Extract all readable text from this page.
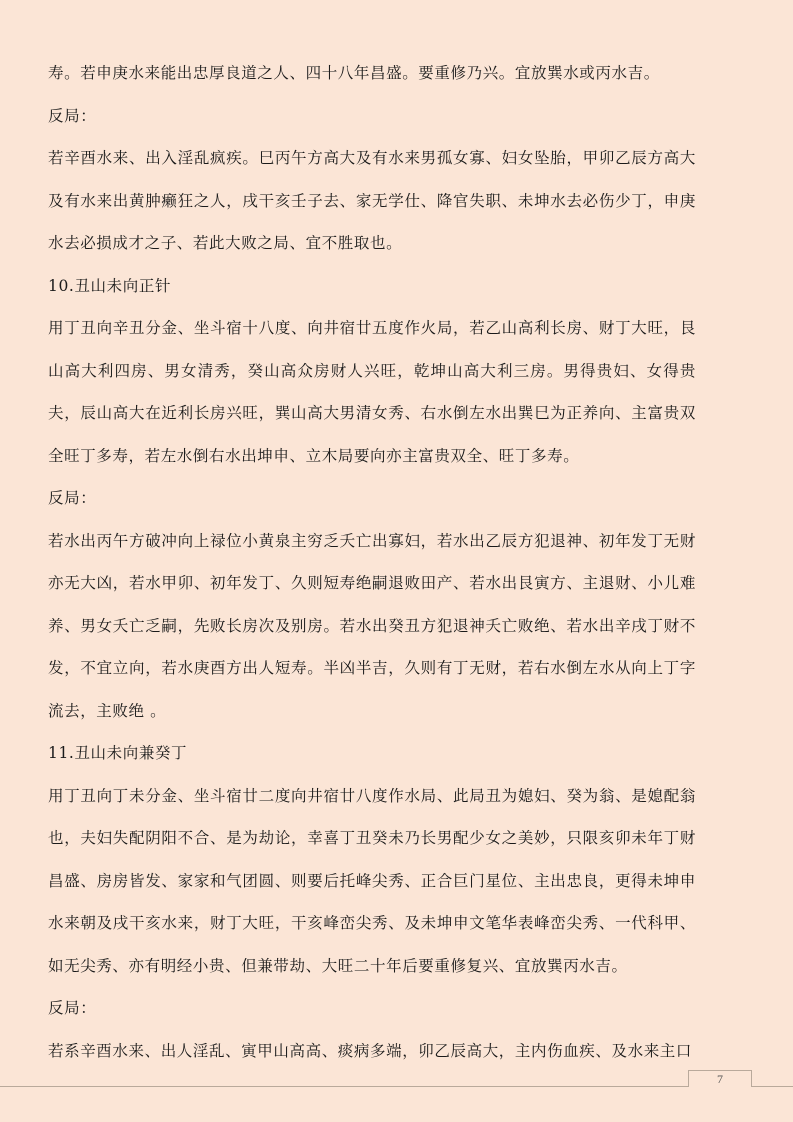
寿。若申庚水来能出忠厚良道之人、四十八年昌盛。要重修乃兴。宜放巽水或丙水吉。

反局：

若辛酉水来、出入淫乱疯疾。巳丙午方高大及有水来男孤女寡、妇女坠胎，甲卯乙辰方高大及有水来出黄肿癞狂之人，戌干亥壬子去、家无学仕、降官失职、未坤水去必伤少丁，申庚水去必损成才之子、若此大败之局、宜不胜取也。

10.丑山未向正针

用丁丑向辛丑分金、坐斗宿十八度、向井宿廿五度作火局，若乙山高利长房、财丁大旺，艮山高大利四房、男女清秀，癸山高众房财人兴旺，乾坤山高大利三房。男得贵妇、女得贵夫，辰山高大在近利长房兴旺，巽山高大男清女秀、右水倒左水出巽巳为正养向、主富贵双全旺丁多寿，若左水倒右水出坤申、立木局要向亦主富贵双全、旺丁多寿。

反局：

若水出丙午方破冲向上禄位小黄泉主穷乏夭亡出寡妇，若水出乙辰方犯退神、初年发丁无财亦无大凶，若水甲卯、初年发丁、久则短寿绝嗣退败田产、若水出艮寅方、主退财、小儿难养、男女夭亡乏嗣，先败长房次及别房。若水出癸丑方犯退神夭亡败绝、若水出辛戌丁财不发，不宜立向，若水庚酉方出人短寿。半凶半吉，久则有丁无财，若右水倒左水从向上丁字流去，主败绝 。

11.丑山未向兼癸丁

用丁丑向丁未分金、坐斗宿廿二度向井宿廿八度作水局、此局丑为媳妇、癸为翁、是媳配翁也，夫妇失配阴阳不合、是为劫论，幸喜丁丑癸未乃长男配少女之美妙，只限亥卯未年丁财昌盛、房房皆发、家家和气团圆、则要后托峰尖秀、正合巨门星位、主出忠良，更得未坤申水来朝及戌干亥水来，财丁大旺，干亥峰峦尖秀、及未坤申文笔华表峰峦尖秀、一代科甲、如无尖秀、亦有明经小贵、但兼带劫、大旺二十年后要重修复兴、宜放巽丙水吉。

反局：

若系辛酉水来、出人淫乱、寅甲山高高、痰病多端，卯乙辰高大，主内伤血疾、及水来主口

7
